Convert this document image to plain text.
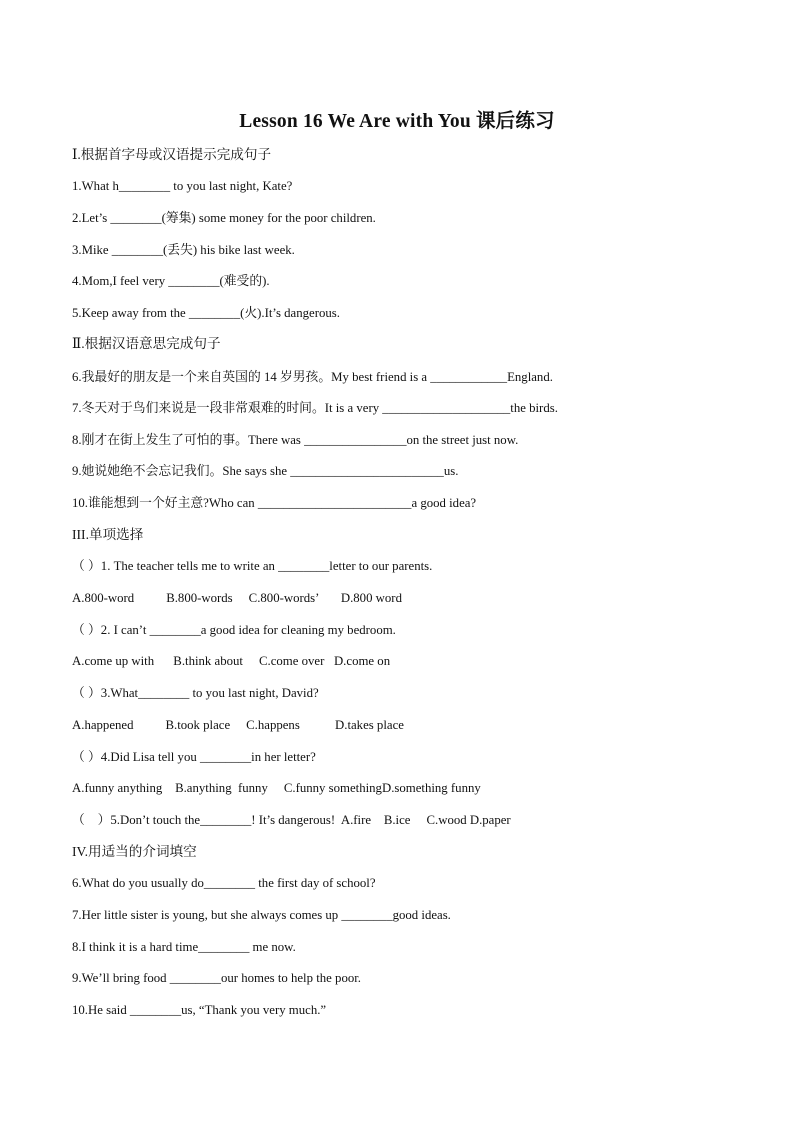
Lesson 16 We Are with You 课后练习
Ⅰ.根据首字母或汉语提示完成句子
1.What h________ to you last night, Kate?
2.Let’s ________(筹集) some money for the poor children.
3.Mike ________(丢失) his bike last week.
4.Mom,I feel very ________(难受的).
5.Keep away from the ________(火).It’s dangerous.
Ⅱ.根据汉语意思完成句子
6.我最好的朋友是一个来自英国的 14 岁男孩。My best friend is a ____________England.
7.冬天对于鸟们来说是一段非常艰难的时间。It is a very ____________________the birds.
8.刚才在街上发生了可怕的事。There was ________________on the street just now.
9.她说她绝不会忘记我们。She says she ________________________us.
10.谁能想到一个好主意?Who can ________________________a good idea?
III.单项选择
（ ）1. The teacher tells me to write an ________letter to our parents.
A.800-word          B.800-words     C.800-words’       D.800 word
（ ）2. I can’t ________a good idea for cleaning my bedroom.
A.come up with      B.think about     C.come over   D.come on
（ ）3.What________ to you last night, David?
A.happened          B.took place     C.happens           D.takes place
（ ）4.Did Lisa tell you ________in her letter?
A.funny anything    B.anything  funny     C.funny somethingD.something funny
（    ）5.Don’t touch the________! It’s dangerous!  A.fire    B.ice     C.wood D.paper
IV.用适当的介词填空
6.What do you usually do________ the first day of school?
7.Her little sister is young, but she always comes up ________good ideas.
8.I think it is a hard time________ me now.
9.We’ll bring food ________our homes to help the poor.
10.He said ________us, “Thank you very much.”
